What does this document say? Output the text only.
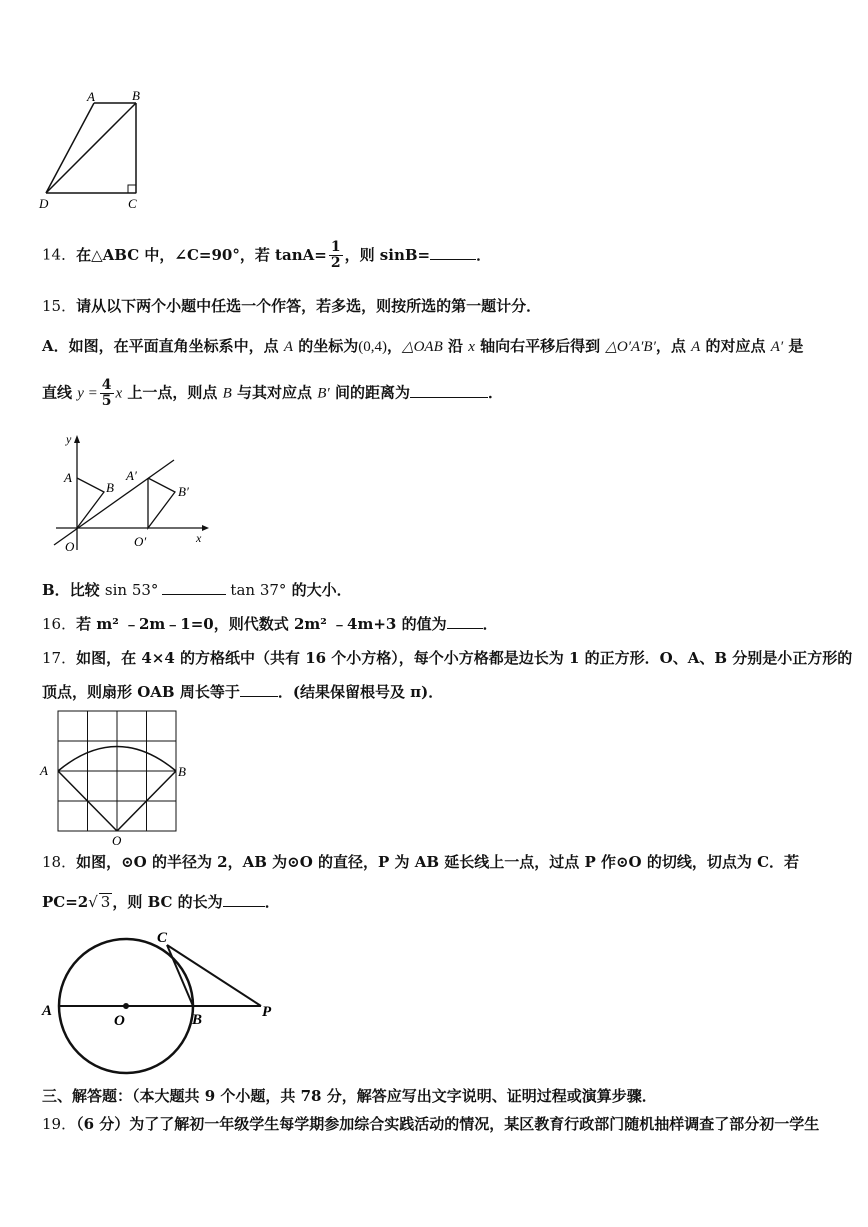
A	B
D	C
14．在△ABC 中，∠C=90°，若 $\tan A= \frac{1}{2}$ ，则 sinB=	．
15．请从以下两个小题中任选一个作答，若多选，则按所选的第一题计分．
A．如图，在平面直角坐标系中，点 A 的坐标为(0,4)，△OAB 沿 x 轴向右平移后得到 △O′A′B′，点 A 的对应点 A′ 是
直线 $y = \frac{4}{5}$ x 上一点，则点 B 与其对应点 B′ 间的距离为	．
y
A
B
A′
B′
O	O′	x
B．比较 sin 53°	tan 37° 的大小．
16．若 m² ﹣2m﹣1=0，则代数式 2m² ﹣4m+3 的值为 ．
17．如图，在 4×4 的方格纸中（共有 16 个小方格），每个小方格都是边长为 1 的正方形．O、A、B 分别是小正方形的
顶点，则扇形 OAB 周长等于	．(结果保留根号及 π)．
A	B
O
18．如图，⊙O 的半径为 2，AB 为⊙O 的直径，P 为 AB 延长线上一点，过点 P 作⊙O 的切线，切点为 C．若
PC=2√ 3 ，则 BC 的长为	．
A
O	B
C
P
三、解答题：（本大题共 9 个小题，共 78 分，解答应写出文字说明、证明过程或演算步骤．
19．（6 分）为了了解初一年级学生每学期参加综合实践活动的情况，某区教育行政部门随机抽样调查了部分初一学生
